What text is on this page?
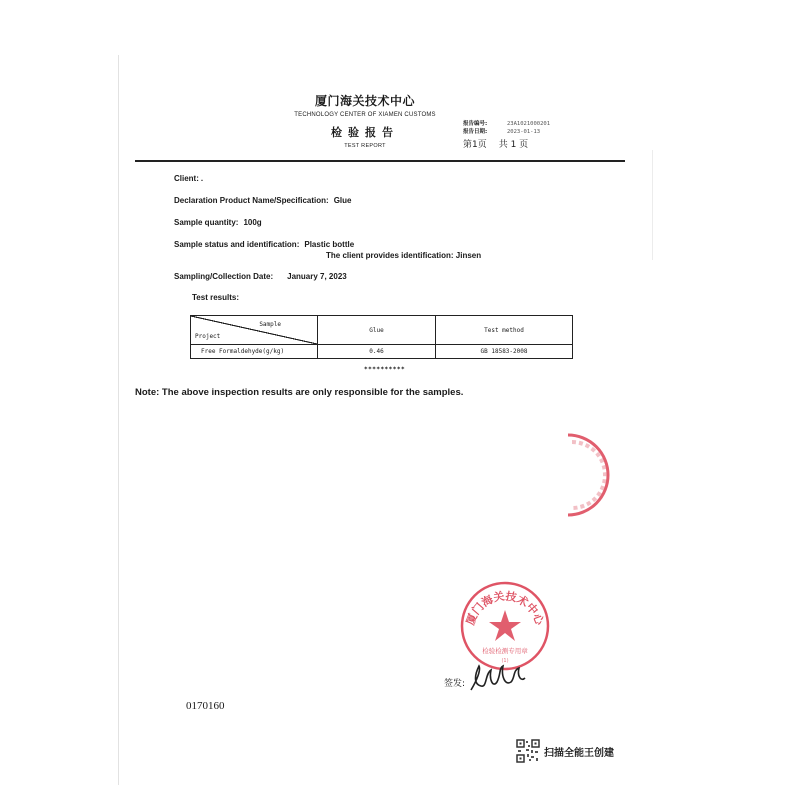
厦门海关技术中心
TECHNOLOGY CENTER OF XIAMEN CUSTOMS
检验报告
TEST REPORT
报告编号:	23A1021000201
报告日期:	2023-01-13
第1页 共 1 页
Client: .
Declaration Product Name/Specification: Glue
Sample quantity: 100g
Sample status and identification: Plastic bottle
The client provides identification: Jinsen
Sampling/Collection Date: January 7, 2023
Test results:
Sample
Project	Glue	Test method
Free Formaldehyde(g/kg)	0.46	GB 18583-2008
**********
Note: The above inspection results are only responsible for the samples.
厦门海关技术中心
检验检测专用章
(1)
签发:
0170160
扫描全能王创建
